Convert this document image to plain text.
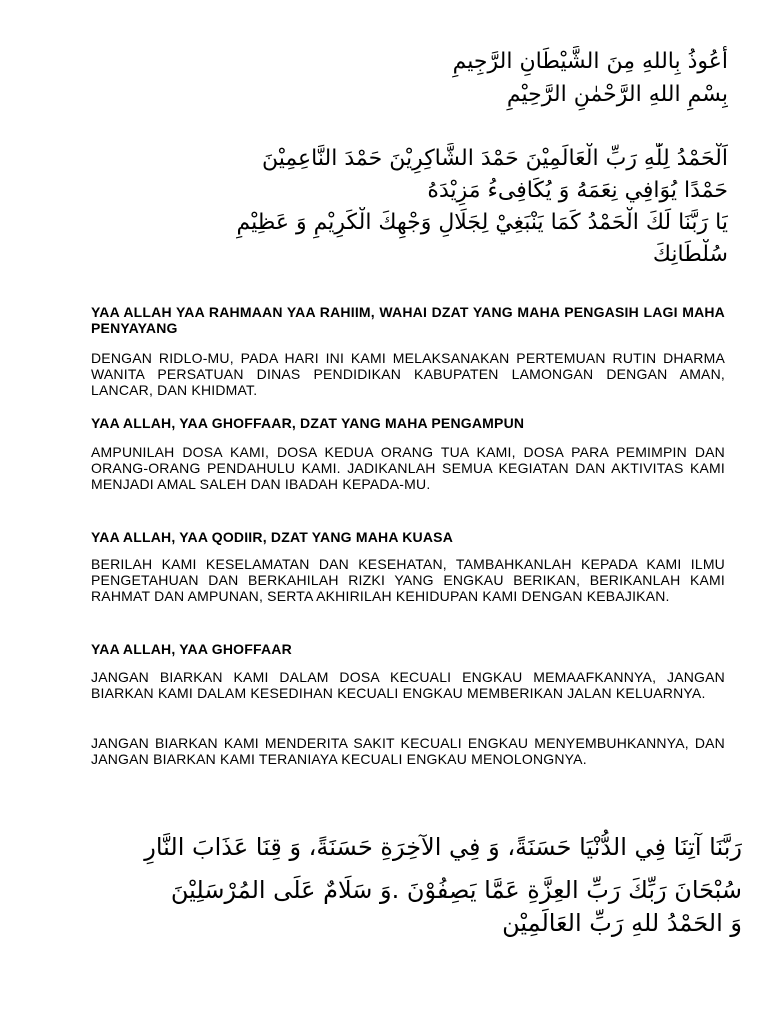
أَعُوذُ بِاللهِ مِنَ الشَّيْطَانِ الرَّجِيمِ
بِسْمِ اللهِ الرَّحْمٰنِ الرَّحِيْمِ
اَلْحَمْدُ لِلّٰهِ رَبِّ الْعَالَمِيْنَ حَمْدَ الشَّاكِرِيْنَ حَمْدَ النَّاعِمِيْنَ
حَمْدًا يُوَافِي نِعَمَهُ وَ يُكَافِىءُ مَزِيْدَهُ
يَا رَبَّنَا لَكَ الْحَمْدُ كَمَا يَنْبَغِيْ لِجَلَالِ وَجْهِكَ الْكَرِيْمِ وَ عَظِيْمِ
سُلْطَانِكَ
YAA ALLAH YAA RAHMAAN YAA RAHIIM, WAHAI DZAT YANG MAHA PENGASIH LAGI MAHA PENYAYANG
DENGAN RIDLO-MU, PADA HARI INI KAMI MELAKSANAKAN PERTEMUAN RUTIN DHARMA WANITA PERSATUAN DINAS PENDIDIKAN KABUPATEN LAMONGAN DENGAN AMAN, LANCAR, DAN KHIDMAT.
YAA ALLAH, YAA GHOFFAAR, DZAT YANG MAHA PENGAMPUN
AMPUNILAH DOSA KAMI, DOSA KEDUA ORANG TUA KAMI, DOSA PARA PEMIMPIN DAN ORANG-ORANG PENDAHULU KAMI. JADIKANLAH SEMUA KEGIATAN DAN AKTIVITAS KAMI MENJADI AMAL SALEH DAN IBADAH KEPADA-MU.
YAA ALLAH, YAA QODIIR, DZAT YANG MAHA KUASA
BERILAH KAMI KESELAMATAN DAN KESEHATAN, TAMBAHKANLAH KEPADA KAMI ILMU PENGETAHUAN DAN BERKAHILAH RIZKI YANG ENGKAU BERIKAN, BERIKANLAH KAMI RAHMAT DAN AMPUNAN, SERTA AKHIRILAH KEHIDUPAN KAMI DENGAN KEBAJIKAN.
YAA ALLAH, YAA GHOFFAAR
JANGAN BIARKAN KAMI DALAM DOSA KECUALI ENGKAU MEMAAFKANNYA, JANGAN BIARKAN KAMI DALAM KESEDIHAN KECUALI ENGKAU MEMBERIKAN JALAN KELUARNYA.
JANGAN BIARKAN KAMI MENDERITA SAKIT KECUALI ENGKAU MENYEMBUHKANNYA, DAN JANGAN BIARKAN KAMI TERANIAYA KECUALI ENGKAU MENOLONGNYA.
رَبَّنَا آتِنَا فِي الدُّنْيَا حَسَنَةً، وَ فِي الآخِرَةِ حَسَنَةً، وَ قِنَا عَذَابَ النَّارِ
سُبْحَانَ رَبِّكَ رَبِّ العِزَّةِ عَمَّا يَصِفُوْنَ .وَ سَلَامٌ عَلَى المُرْسَلِيْنَ
وَ الحَمْدُ للهِ رَبِّ العَالَمِيْن
